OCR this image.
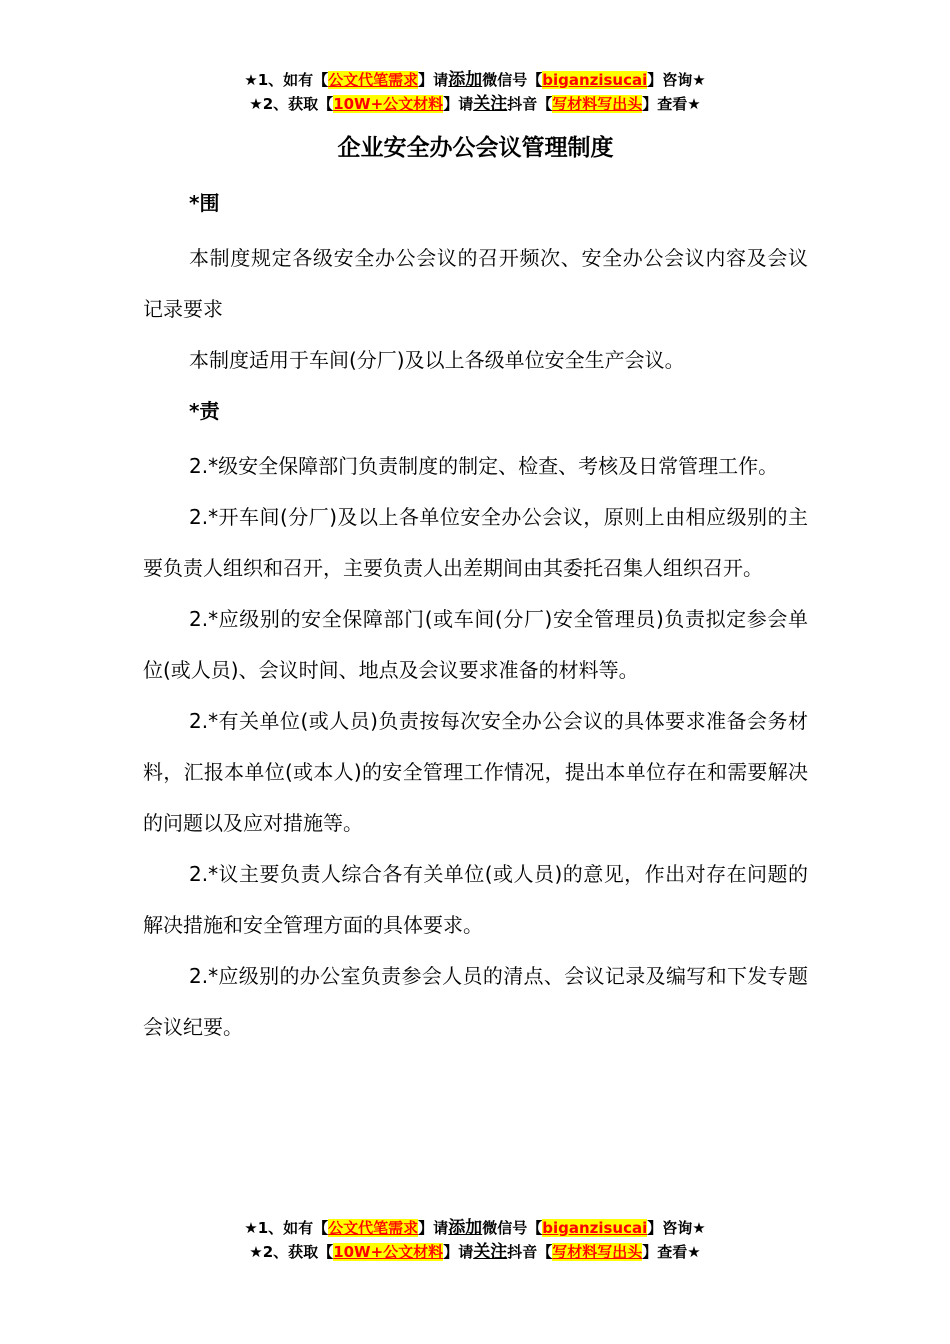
★1、如有【公文代笔需求】请添加微信号【biganzisucai】咨询★
★2、获取【10W+公文材料】请关注抖音【写材料写出头】查看★
企业安全办公会议管理制度

*围

本制度规定各级安全办公会议的召开频次、安全办公会议内容及会议记录要求

本制度适用于车间(分厂)及以上各级单位安全生产会议。

*责

2.*级安全保障部门负责制度的制定、检查、考核及日常管理工作。

2.*开车间(分厂)及以上各单位安全办公会议，原则上由相应级别的主要负责人组织和召开，主要负责人出差期间由其委托召集人组织召开。

2.*应级别的安全保障部门(或车间(分厂)安全管理员)负责拟定参会单位(或人员)、会议时间、地点及会议要求准备的材料等。

2.*有关单位(或人员)负责按每次安全办公会议的具体要求准备会务材料，汇报本单位(或本人)的安全管理工作情况，提出本单位存在和需要解决的问题以及应对措施等。

2.*议主要负责人综合各有关单位(或人员)的意见，作出对存在问题的解决措施和安全管理方面的具体要求。

2.*应级别的办公室负责参会人员的清点、会议记录及编写和下发专题会议纪要。

★1、如有【公文代笔需求】请添加微信号【biganzisucai】咨询★
★2、获取【10W+公文材料】请关注抖音【写材料写出头】查看★
